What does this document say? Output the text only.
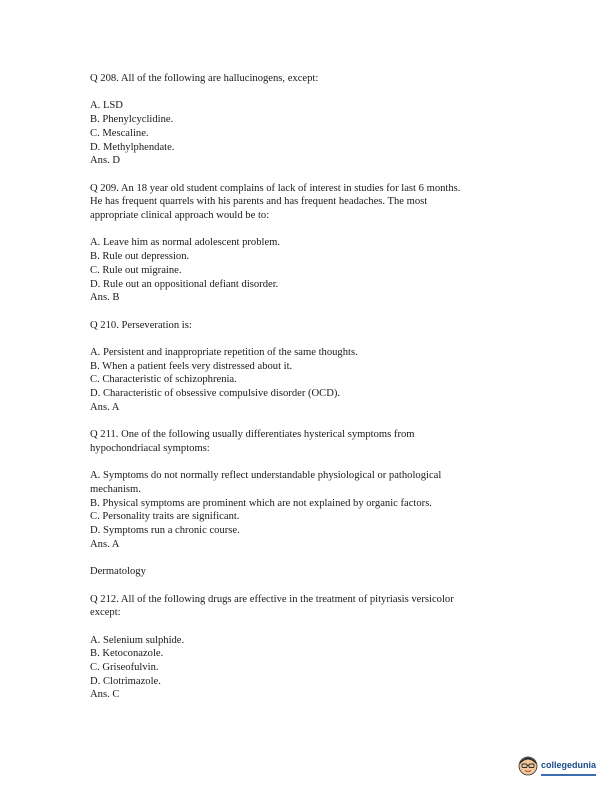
Q 208. All of the following are hallucinogens, except:
A. LSD
B. Phenylcyclidine.
C. Mescaline.
D. Methylphendate.
Ans. D
Q 209. An 18 year old student complains of lack of interest in studies for last 6 months.
He has frequent quarrels with his parents and has frequent headaches. The most
appropriate clinical approach would be to:
A. Leave him as normal adolescent problem.
B. Rule out depression.
C. Rule out migraine.
D. Rule out an oppositional defiant disorder.
Ans. B
Q 210. Perseveration is:
A. Persistent and inappropriate repetition of the same thoughts.
B. When a patient feels very distressed about it.
C. Characteristic of schizophrenia.
D. Characteristic of obsessive compulsive disorder (OCD).
Ans. A
Q 211. One of the following usually differentiates hysterical symptoms from
hypochondriacal symptoms:
A. Symptoms do not normally reflect understandable physiological or pathological
mechanism.
B. Physical symptoms are prominent which are not explained by organic factors.
C. Personality traits are significant.
D. Symptoms run a chronic course.
Ans. A
Dermatology
Q 212. All of the following drugs are effective in the treatment of pityriasis versicolor
except:
A. Selenium sulphide.
B. Ketoconazole.
C. Griseofulvin.
D. Clotrimazole.
Ans. C
collegedunia
